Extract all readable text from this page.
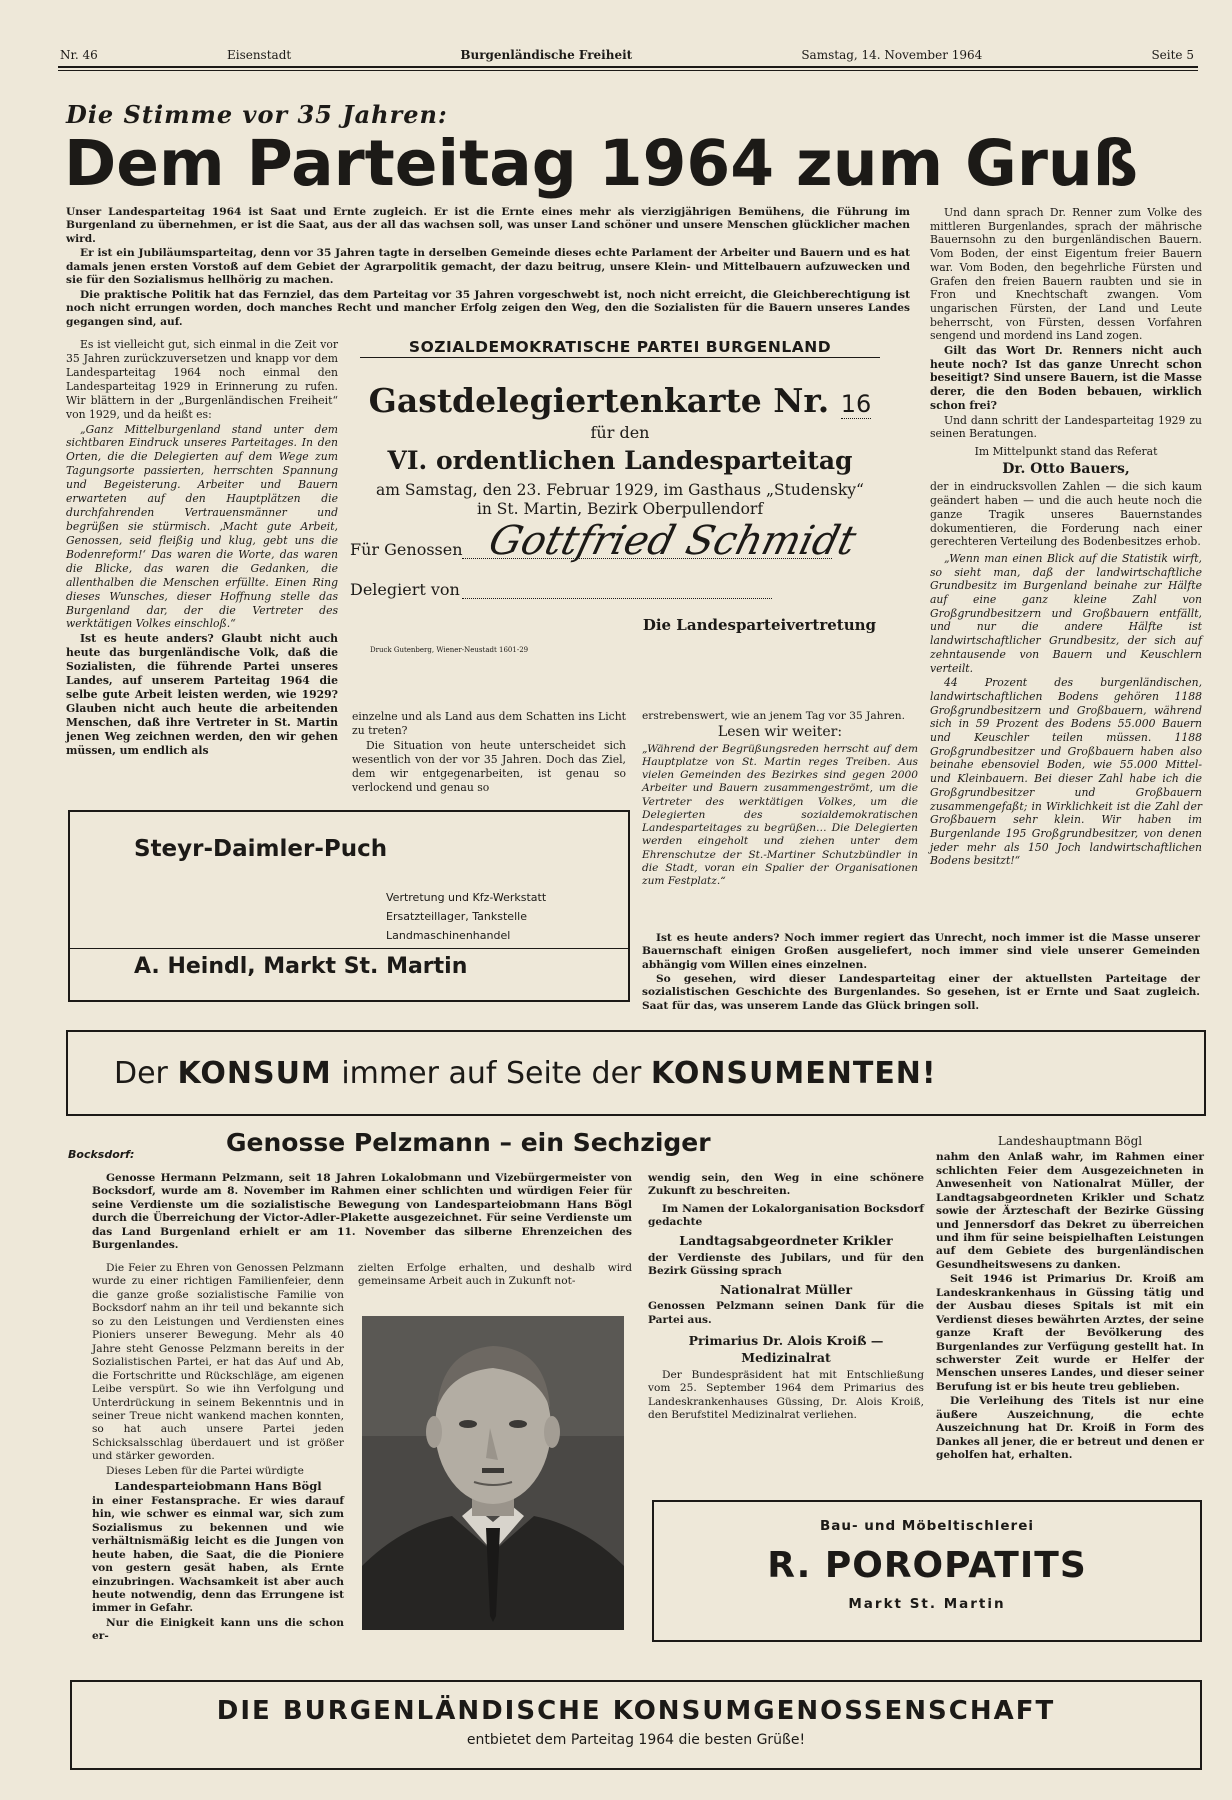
Nr. 46	Eisenstadt	Burgenländische Freiheit	Samstag, 14. November 1964	Seite 5
Die Stimme vor 35 Jahren:
Dem Parteitag 1964 zum Gruß

Unser Landesparteitag 1964 ist Saat und Ernte zugleich. Er ist die Ernte eines mehr als vierzigjährigen Bemühens, die Führung im Burgenland zu übernehmen, er ist die Saat, aus der all das wachsen soll, was unser Land schöner und unsere Menschen glücklicher machen wird.

Er ist ein Jubiläumsparteitag, denn vor 35 Jahren tagte in derselben Gemeinde dieses echte Parlament der Arbeiter und Bauern und es hat damals jenen ersten Vorstoß auf dem Gebiet der Agrarpolitik gemacht, der dazu beitrug, unsere Klein- und Mittelbauern aufzuwecken und sie für den Sozialismus hellhörig zu machen.

Die praktische Politik hat das Fernziel, das dem Parteitag vor 35 Jahren vorgeschwebt ist, noch nicht erreicht, die Gleichberechtigung ist noch nicht errungen worden, doch manches Recht und mancher Erfolg zeigen den Weg, den die Sozialisten für die Bauern unseres Landes gegangen sind, auf.

Es ist vielleicht gut, sich einmal in die Zeit vor 35 Jahren zurückzuversetzen und knapp vor dem Landesparteitag 1964 noch einmal den Landesparteitag 1929 in Erinnerung zu rufen. Wir blättern in der „Burgenländischen Freiheit“ von 1929, und da heißt es:

„Ganz Mittelburgenland stand unter dem sichtbaren Eindruck unseres Parteitages. In den Orten, die die Delegierten auf dem Wege zum Tagungsorte passierten, herrschten Spannung und Begeisterung. Arbeiter und Bauern erwarteten auf den Hauptplätzen die durchfahrenden Vertrauensmänner und begrüßen sie stürmisch. ‚Macht gute Arbeit, Genossen, seid fleißig und klug, gebt uns die Bodenreform!‘ Das waren die Worte, das waren die Blicke, das waren die Gedanken, die allenthalben die Menschen erfüllte. Einen Ring dieses Wunsches, dieser Hoffnung stelle das Burgenland dar, der die Vertreter des werktätigen Volkes einschloß.“

Ist es heute anders? Glaubt nicht auch heute das burgenländische Volk, daß die Sozialisten, die führende Partei unseres Landes, auf unserem Parteitag 1964 die selbe gute Arbeit leisten werden, wie 1929? Glauben nicht auch heute die arbeitenden Menschen, daß ihre Vertreter in St. Martin jenen Weg zeichnen werden, den wir gehen müssen, um endlich als

SOZIALDEMOKRATISCHE PARTEI BURGENLAND
Gastdelegiertenkarte Nr. 16
für den
VI. ordentlichen Landesparteitag
am Samstag, den 23. Februar 1929, im Gasthaus „Studensky“
in St. Martin, Bezirk Oberpullendorf
Für Genossen Gottfried Schmidt
Delegiert von
Die Landesparteivertretung
Druck Gutenberg, Wiener-Neustadt 1601-29

einzelne und als Land aus dem Schatten ins Licht zu treten?

Die Situation von heute unterscheidet sich wesentlich von der vor 35 Jahren. Doch das Ziel, dem wir entgegenarbeiten, ist genau so verlockend und genau so

erstrebenswert, wie an jenem Tag vor 35 Jahren.

Lesen wir weiter:

„Während der Begrüßungsreden herrscht auf dem Hauptplatze von St. Martin reges Treiben. Aus vielen Gemeinden des Bezirkes sind gegen 2000 Arbeiter und Bauern zusammengeströmt, um die Vertreter des werktätigen Volkes, um die Delegierten des sozialdemokratischen Landesparteitages zu begrüßen… Die Delegierten werden eingeholt und ziehen unter dem Ehrenschutze der St.-Martiner Schutzbündler in die Stadt, voran ein Spalier der Organisationen zum Festplatz.“

Ist es heute anders? Noch immer regiert das Unrecht, noch immer ist die Masse unserer Bauernschaft einigen Großen ausgeliefert, noch immer sind viele unserer Gemeinden abhängig vom Willen eines einzelnen.

So gesehen, wird dieser Landesparteitag einer der aktuellsten Parteitage der sozialistischen Geschichte des Burgenlandes. So gesehen, ist er Ernte und Saat zugleich. Saat für das, was unserem Lande das Glück bringen soll.

Und dann sprach Dr. Renner zum Volke des mittleren Burgenlandes, sprach der mährische Bauernsohn zu den burgenländischen Bauern. Vom Boden, der einst Eigentum freier Bauern war. Vom Boden, den begehrliche Fürsten und Grafen den freien Bauern raubten und sie in Fron und Knechtschaft zwangen. Vom ungarischen Fürsten, der Land und Leute beherrscht, von Fürsten, dessen Vorfahren sengend und mordend ins Land zogen.

Gilt das Wort Dr. Renners nicht auch heute noch? Ist das ganze Unrecht schon beseitigt? Sind unsere Bauern, ist die Masse derer, die den Boden bebauen, wirklich schon frei?

Und dann schritt der Landesparteitag 1929 zu seinen Beratungen.

Im Mittelpunkt stand das Referat

Dr. Otto Bauers,

der in eindrucksvollen Zahlen — die sich kaum geändert haben — und die auch heute noch die ganze Tragik unseres Bauernstandes dokumentieren, die Forderung nach einer gerechteren Verteilung des Bodenbesitzes erhob.

„Wenn man einen Blick auf die Statistik wirft, so sieht man, daß der landwirtschaftliche Grundbesitz im Burgenland beinahe zur Hälfte auf eine ganz kleine Zahl von Großgrundbesitzern und Großbauern entfällt, und nur die andere Hälfte ist landwirtschaftlicher Grundbesitz, der sich auf zehntausende von Bauern und Keuschlern verteilt.

44 Prozent des burgenländischen, landwirtschaftlichen Bodens gehören 1188 Großgrundbesitzern und Großbauern, während sich in 59 Prozent des Bodens 55.000 Bauern und Keuschler teilen müssen. 1188 Großgrundbesitzer und Großbauern haben also beinahe ebensoviel Boden, wie 55.000 Mittel- und Kleinbauern. Bei dieser Zahl habe ich die Großgrundbesitzer und Großbauern zusammengefaßt; in Wirklichkeit ist die Zahl der Großbauern sehr klein. Wir haben im Burgenlande 195 Großgrundbesitzer, von denen jeder mehr als 150 Joch landwirtschaftlichen Bodens besitzt!“

Steyr-Daimler-Puch
Vertretung und Kfz-Werkstatt
Ersatzteillager, Tankstelle
Landmaschinenhandel
A. Heindl, Markt St. Martin
Der
KONSUM
immer auf Seite der
KONSUMENTEN!
Bocksdorf:	Genosse Pelzmann – ein Sechziger

Genosse Hermann Pelzmann, seit 18 Jahren Lokalobmann und Vizebürgermeister von Bocksdorf, wurde am 8. November im Rahmen einer schlichten und würdigen Feier für seine Verdienste um die sozialistische Bewegung von Landesparteiobmann Hans Bögl durch die Überreichung der Victor-Adler-Plakette ausgezeichnet. Für seine Verdienste um das Land Burgenland erhielt er am 11. November das silberne Ehrenzeichen des Burgenlandes.

Die Feier zu Ehren von Genossen Pelzmann wurde zu einer richtigen Familienfeier, denn die ganze große sozialistische Familie von Bocksdorf nahm an ihr teil und bekannte sich so zu den Leistungen und Verdiensten eines Pioniers unserer Bewegung. Mehr als 40 Jahre steht Genosse Pelzmann bereits in der Sozialistischen Partei, er hat das Auf und Ab, die Fortschritte und Rückschläge, am eigenen Leibe verspürt. So wie ihn Verfolgung und Unterdrückung in seinem Bekenntnis und in seiner Treue nicht wankend machen konnten, so hat auch unsere Partei jeden Schicksalsschlag überdauert und ist größer und stärker geworden.

Dieses Leben für die Partei würdigte

Landesparteiobmann Hans Bögl

in einer Festansprache. Er wies darauf hin, wie schwer es einmal war, sich zum Sozialismus zu bekennen und wie verhältnismäßig leicht es die Jungen von heute haben, die Saat, die die Pioniere von gestern gesät haben, als Ernte einzubringen. Wachsamkeit ist aber auch heute notwendig, denn das Errungene ist immer in Gefahr.

Nur die Einigkeit kann uns die schon er-

zielten Erfolge erhalten, und deshalb wird gemeinsame Arbeit auch in Zukunft not-

wendig sein, den Weg in eine schönere Zukunft zu beschreiten.

Im Namen der Lokalorganisation Bocksdorf gedachte

Landtagsabgeordneter Krikler

der Verdienste des Jubilars, und für den Bezirk Güssing sprach

Nationalrat Müller

Genossen Pelzmann seinen Dank für die Partei aus.

Primarius Dr. Alois Kroiß — Medizinalrat

Der Bundespräsident hat mit Entschließung vom 25. September 1964 dem Primarius des Landeskrankenhauses Güssing, Dr. Alois Kroiß, den Berufstitel Medizinalrat verliehen.

Landeshauptmann Bögl

nahm den Anlaß wahr, im Rahmen einer schlichten Feier dem Ausgezeichneten in Anwesenheit von Nationalrat Müller, der Landtagsabgeordneten Krikler und Schatz sowie der Ärzteschaft der Bezirke Güssing und Jennersdorf das Dekret zu überreichen und ihm für seine beispielhaften Leistungen auf dem Gebiete des burgenländischen Gesundheitswesens zu danken.

Seit 1946 ist Primarius Dr. Kroiß am Landeskrankenhaus in Güssing tätig und der Ausbau dieses Spitals ist mit ein Verdienst dieses bewährten Arztes, der seine ganze Kraft der Bevölkerung des Burgenlandes zur Verfügung gestellt hat. In schwerster Zeit wurde er Helfer der Menschen unseres Landes, und dieser seiner Berufung ist er bis heute treu geblieben.

Die Verleihung des Titels ist nur eine äußere Auszeichnung, die echte Auszeichnung hat Dr. Kroiß in Form des Dankes all jener, die er betreut und denen er geholfen hat, erhalten.

Bau- und Möbeltischlerei
R. POROPATITS
Markt St. Martin
DIE BURGENLÄNDISCHE KONSUMGENOSSENSCHAFT
entbietet dem Parteitag 1964 die besten Grüße!
